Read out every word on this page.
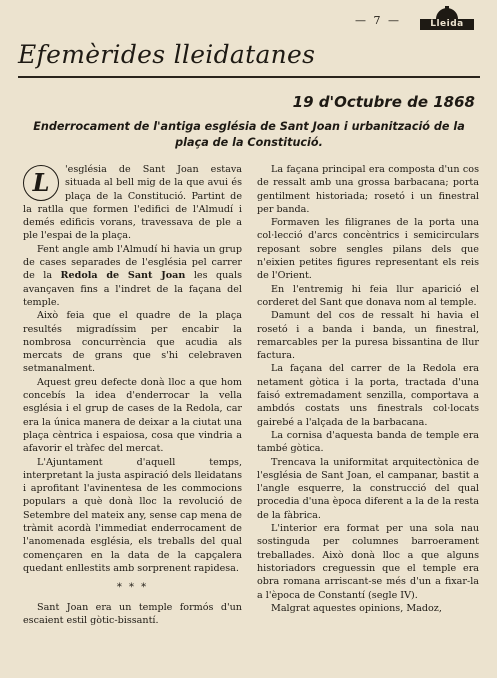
— 7 —	Lleida
Efemèrides lleidatanes
19 d'Octubre de 1868
Enderrocament de l'antiga església de Sant Joan i urbanització de la plaça de la Constitució.

L	'església de Sant Joan estava situada al bell mig de la que avui és plaça de la Constitució. Partint de la ratlla que formen l'edifici de l'Almudí i demés edificis vorans, travessava de ple a ple l'espai de la plaça.

Fent angle amb l'Almudí hi havia un grup de cases separades de l'església pel carrer de la Redola de Sant Joan les quals avançaven fins a l'indret de la façana del temple.

Això feia que el quadre de la plaça resultés migradíssim per encabir la nombrosa concurrència que acudia als mercats de grans que s'hi celebraven setmanalment.

Aquest greu defecte donà lloc a que hom concebís la idea d'enderrocar la vella església i el grup de cases de la Redola, car era la única manera de deixar a la ciutat una plaça cèntrica i espaiosa, cosa que vindria a afavorir el tràfec del mercat.

L'Ajuntament d'aquell temps, interpretant la justa aspiració dels lleidatans i aprofitant l'avinentesa de les commocions populars a què donà lloc la revolució de Setembre del mateix any, sense cap mena de tràmit acordà l'immediat enderrocament de l'anomenada església, els treballs del qual començaren en la data de la capçalera quedant enllestits amb sorprenent rapidesa.

* * *

Sant Joan era un temple formós d'un escaient estil gòtic-bissantí.

La façana principal era composta d'un cos de ressalt amb una grossa barbacana; porta gentilment historiada; rosetó i un finestral per banda.

Formaven les filigranes de la porta una col·lecció d'arcs concèntrics i semicirculars reposant sobre sengles pilans dels que n'eixien petites figures representant els reis de l'Orient.

En l'entremig hi feia llur aparició el corderet del Sant que donava nom al temple.

Damunt del cos de ressalt hi havia el rosetó i a banda i banda, un finestral, remarcables per la puresa bissantina de llur factura.

La façana del carrer de la Redola era netament gòtica i la porta, tractada d'una faisó extremadament senzilla, comportava a ambdós costats uns finestrals col·locats gairebé a l'alçada de la barbacana.

La cornisa d'aquesta banda de temple era també gòtica.

Trencava la uniformitat arquitectònica de l'església de Sant Joan, el campanar, bastit a l'angle esquerre, la construcció del qual procedia d'una època diferent a la de la resta de la fàbrica.

L'interior era format per una sola nau sostinguda per columnes barroerament treballades. Això donà lloc a que alguns historiadors creguessin que el temple era obra romana arriscant-se més d'un a fixar-la a l'època de Constantí (segle IV).

Malgrat aquestes opinions, Madoz,
